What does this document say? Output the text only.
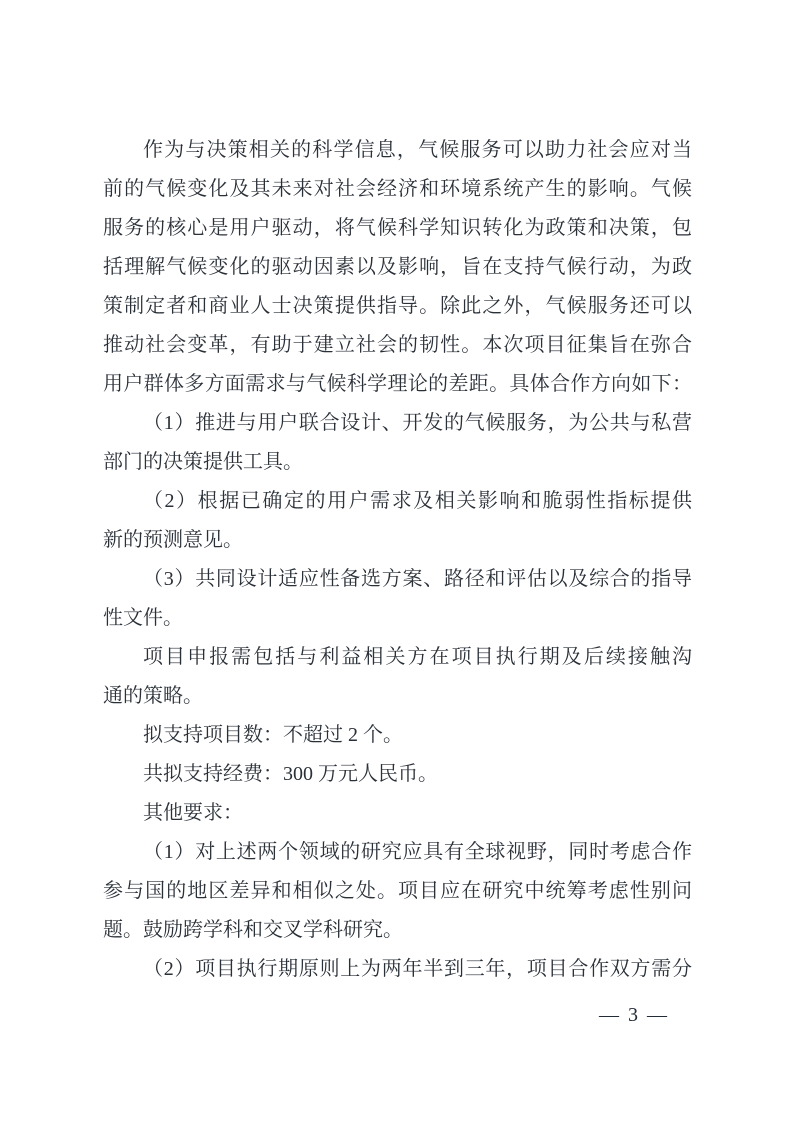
作为与决策相关的科学信息，气候服务可以助力社会应对当
前的气候变化及其未来对社会经济和环境系统产生的影响。气候
服务的核心是用户驱动，将气候科学知识转化为政策和决策，包
括理解气候变化的驱动因素以及影响，旨在支持气候行动，为政
策制定者和商业人士决策提供指导。除此之外，气候服务还可以
推动社会变革，有助于建立社会的韧性。本次项目征集旨在弥合
用户群体多方面需求与气候科学理论的差距。具体合作方向如下：
（1）推进与用户联合设计、开发的气候服务，为公共与私营
部门的决策提供工具。
（2）根据已确定的用户需求及相关影响和脆弱性指标提供
新的预测意见。
（3）共同设计适应性备选方案、路径和评估以及综合的指导
性文件。
项目申报需包括与利益相关方在项目执行期及后续接触沟
通的策略。
拟支持项目数：不超过 2 个。
共拟支持经费：300 万元人民币。
其他要求：
（1）对上述两个领域的研究应具有全球视野，同时考虑合作
参与国的地区差异和相似之处。项目应在研究中统筹考虑性别问
题。鼓励跨学科和交叉学科研究。
（2）项目执行期原则上为两年半到三年，项目合作双方需分
— 3 —
